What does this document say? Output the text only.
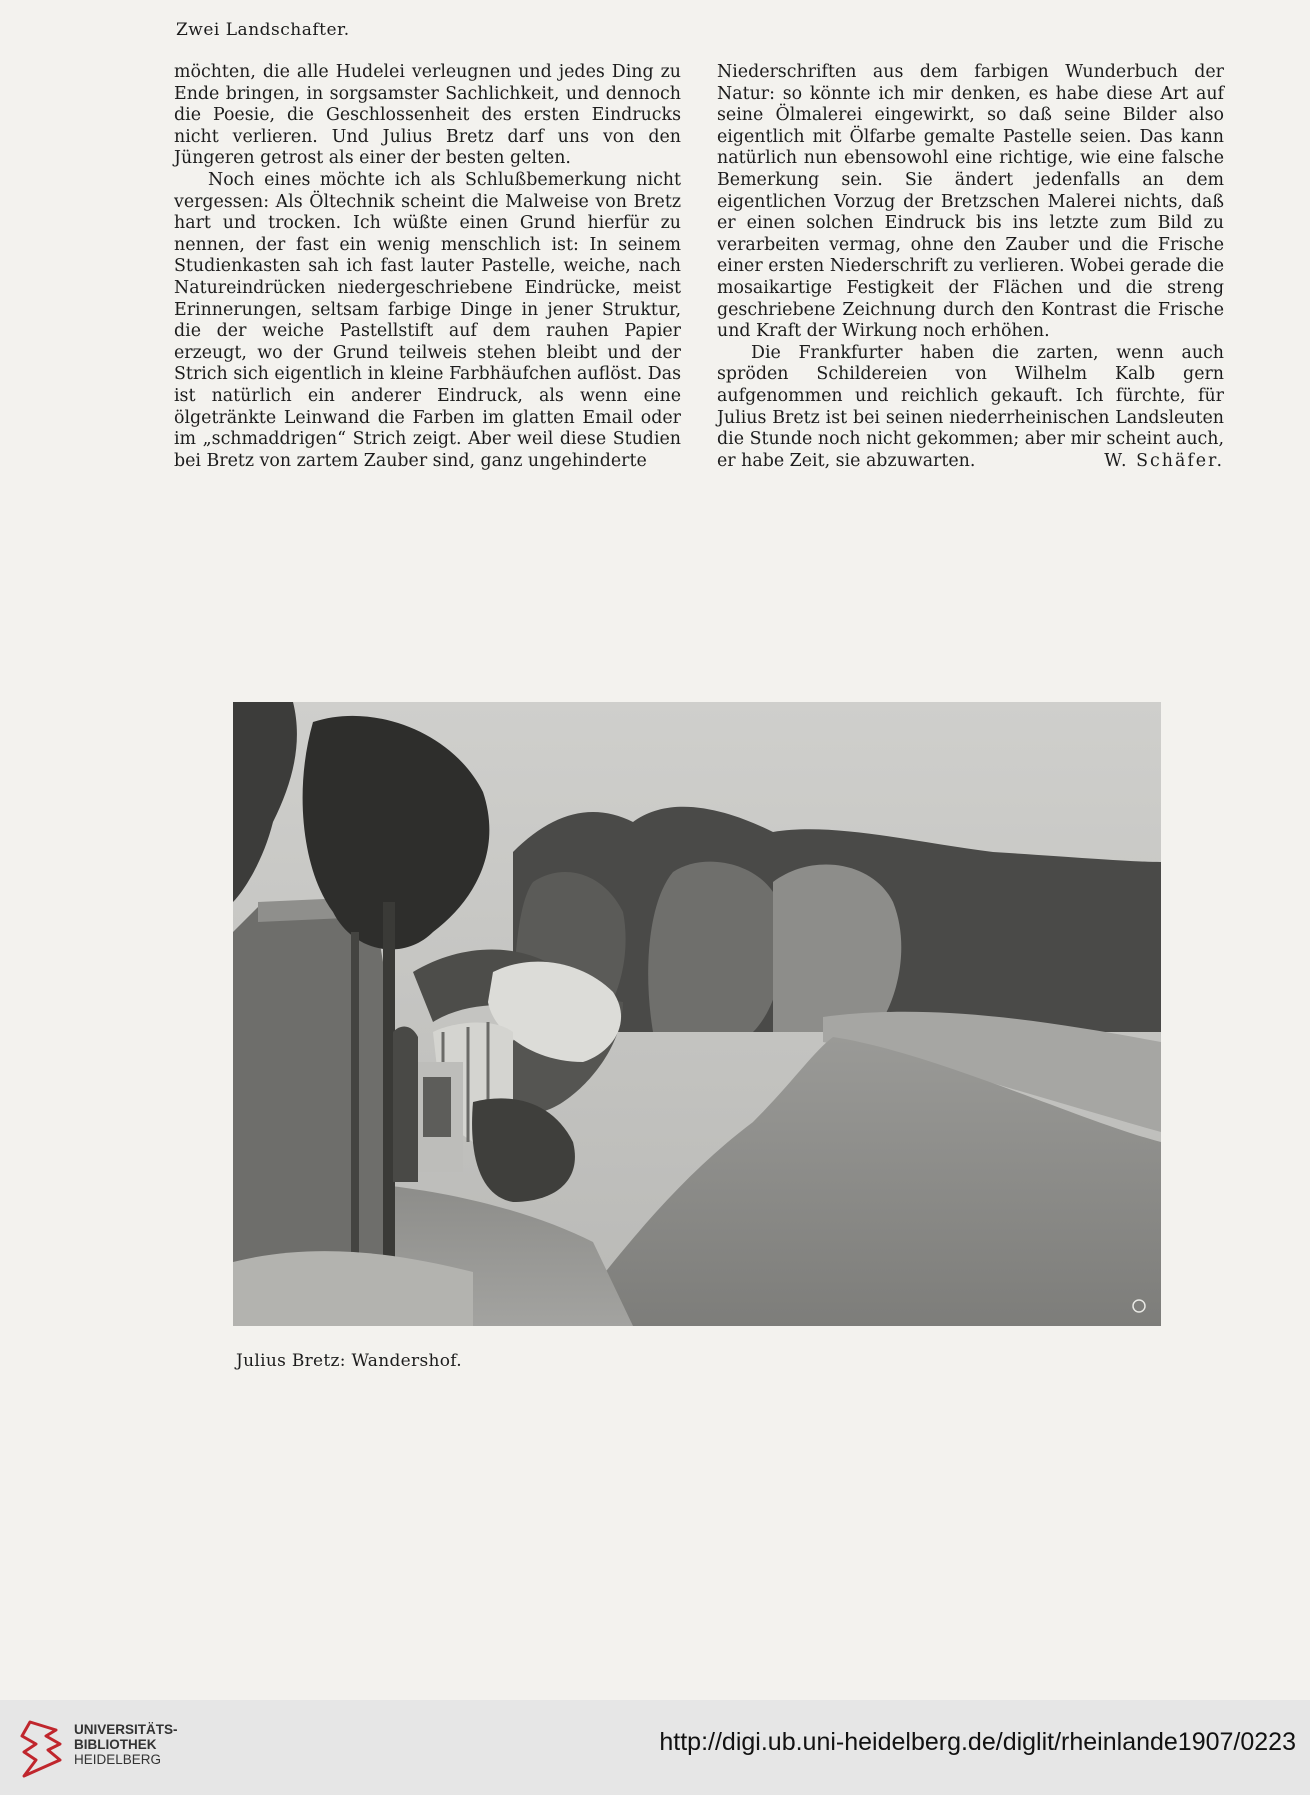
Zwei Landschafter.

möchten, die alle Hudelei verleugnen und jedes Ding zu Ende bringen, in sorgsamster Sachlichkeit, und dennoch die Poesie, die Geschlossenheit des ersten Eindrucks nicht verlieren. Und Julius Bretz darf uns von den Jüngeren getrost als einer der besten gelten.

Noch eines möchte ich als Schlußbemerkung nicht vergessen: Als Öltechnik scheint die Malweise von Bretz hart und trocken. Ich wüßte einen Grund hierfür zu nennen, der fast ein wenig menschlich ist: In seinem Studienkasten sah ich fast lauter Pastelle, weiche, nach Natureindrücken niedergeschriebene Eindrücke, meist Erinnerungen, seltsam farbige Dinge in jener Struktur, die der weiche Pastellstift auf dem rauhen Papier erzeugt, wo der Grund teilweis stehen bleibt und der Strich sich eigentlich in kleine Farbhäufchen auflöst. Das ist natürlich ein anderer Eindruck, als wenn eine ölgetränkte Leinwand die Farben im glatten Email oder im „schmaddrigen“ Strich zeigt. Aber weil diese Studien bei Bretz von zartem Zauber sind, ganz ungehinderte

Niederschriften aus dem farbigen Wunderbuch der Natur: so könnte ich mir denken, es habe diese Art auf seine Ölmalerei eingewirkt, so daß seine Bilder also eigentlich mit Ölfarbe gemalte Pastelle seien. Das kann natürlich nun ebensowohl eine richtige, wie eine falsche Bemerkung sein. Sie ändert jedenfalls an dem eigentlichen Vorzug der Bretzschen Malerei nichts, daß er einen solchen Eindruck bis ins letzte zum Bild zu verarbeiten vermag, ohne den Zauber und die Frische einer ersten Niederschrift zu verlieren. Wobei gerade die mosaikartige Festigkeit der Flächen und die streng geschriebene Zeichnung durch den Kontrast die Frische und Kraft der Wirkung noch erhöhen.

Die Frankfurter haben die zarten, wenn auch spröden Schildereien von Wilhelm Kalb gern aufgenommen und reichlich gekauft. Ich fürchte, für Julius Bretz ist bei seinen niederrheinischen Landsleuten die Stunde noch nicht gekommen; aber mir scheint auch, er habe Zeit, sie abzuwarten.	W. Schäfer.

Julius Bretz: Wandershof.
UNIVERSITÄTS-
BIBLIOTHEK
HEIDELBERG
http://digi.ub.uni-heidelberg.de/diglit/rheinlande1907/0223
